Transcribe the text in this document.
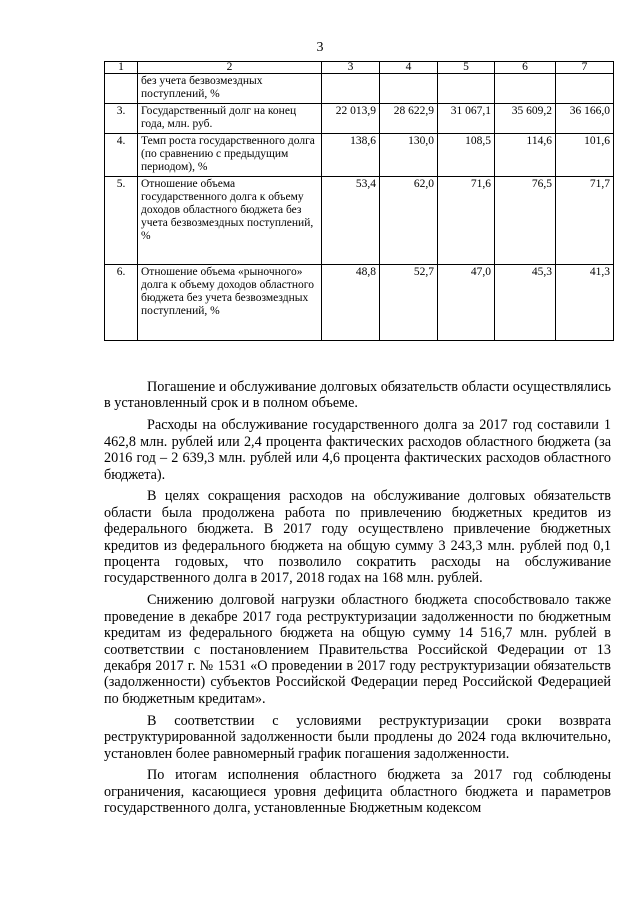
3
1	2	3	4	5	6	7
	без учета безвозмездных поступлений, %					
3.	Государственный долг на конец года, млн. руб.	22 013,9	28 622,9	31 067,1	35 609,2	36 166,0
4.	Темп роста государственного долга (по сравнению с предыдущим периодом), %	138,6	130,0	108,5	114,6	101,6
5.	Отношение объема государственного долга к объему доходов областного бюджета без учета безвозмездных поступлений, %	53,4	62,0	71,6	76,5	71,7
6.	Отношение объема «рыночного» долга к объему доходов областного бюджета без учета безвозмездных поступлений, %	48,8	52,7	47,0	45,3	41,3

Погашение и обслуживание долговых обязательств области осуществлялись в установленный срок и в полном объеме.

Расходы на обслуживание государственного долга за 2017 год составили 1 462,8 млн. рублей или 2,4 процента фактических расходов областного бюджета (за 2016 год – 2 639,3 млн. рублей или 4,6 процента фактических расходов областного бюджета).

В целях сокращения расходов на обслуживание долговых обязательств области была продолжена работа по привлечению бюджетных кредитов из федерального бюджета. В 2017 году осуществлено привлечение бюджетных кредитов из федерального бюджета на общую сумму 3 243,3 млн. рублей под 0,1 процента годовых, что позволило сократить расходы на обслуживание государственного долга в 2017, 2018 годах на 168 млн. рублей.

Снижению долговой нагрузки областного бюджета способствовало также проведение в декабре 2017 года реструктуризации задолженности по бюджетным кредитам из федерального бюджета на общую сумму 14 516,7 млн. рублей в соответствии с постановлением Правительства Российской Федерации от 13 декабря 2017 г. № 1531 «О проведении в 2017 году реструктуризации обязательств (задолженности) субъектов Российской Федерации перед Российской Федерацией по бюджетным кредитам».

В соответствии с условиями реструктуризации сроки возврата реструктурированной задолженности были продлены до 2024 года включительно, установлен более равномерный график погашения задолженности.

По итогам исполнения областного бюджета за 2017 год соблюдены ограничения, касающиеся уровня дефицита областного бюджета и параметров государственного долга, установленные Бюджетным кодексом
